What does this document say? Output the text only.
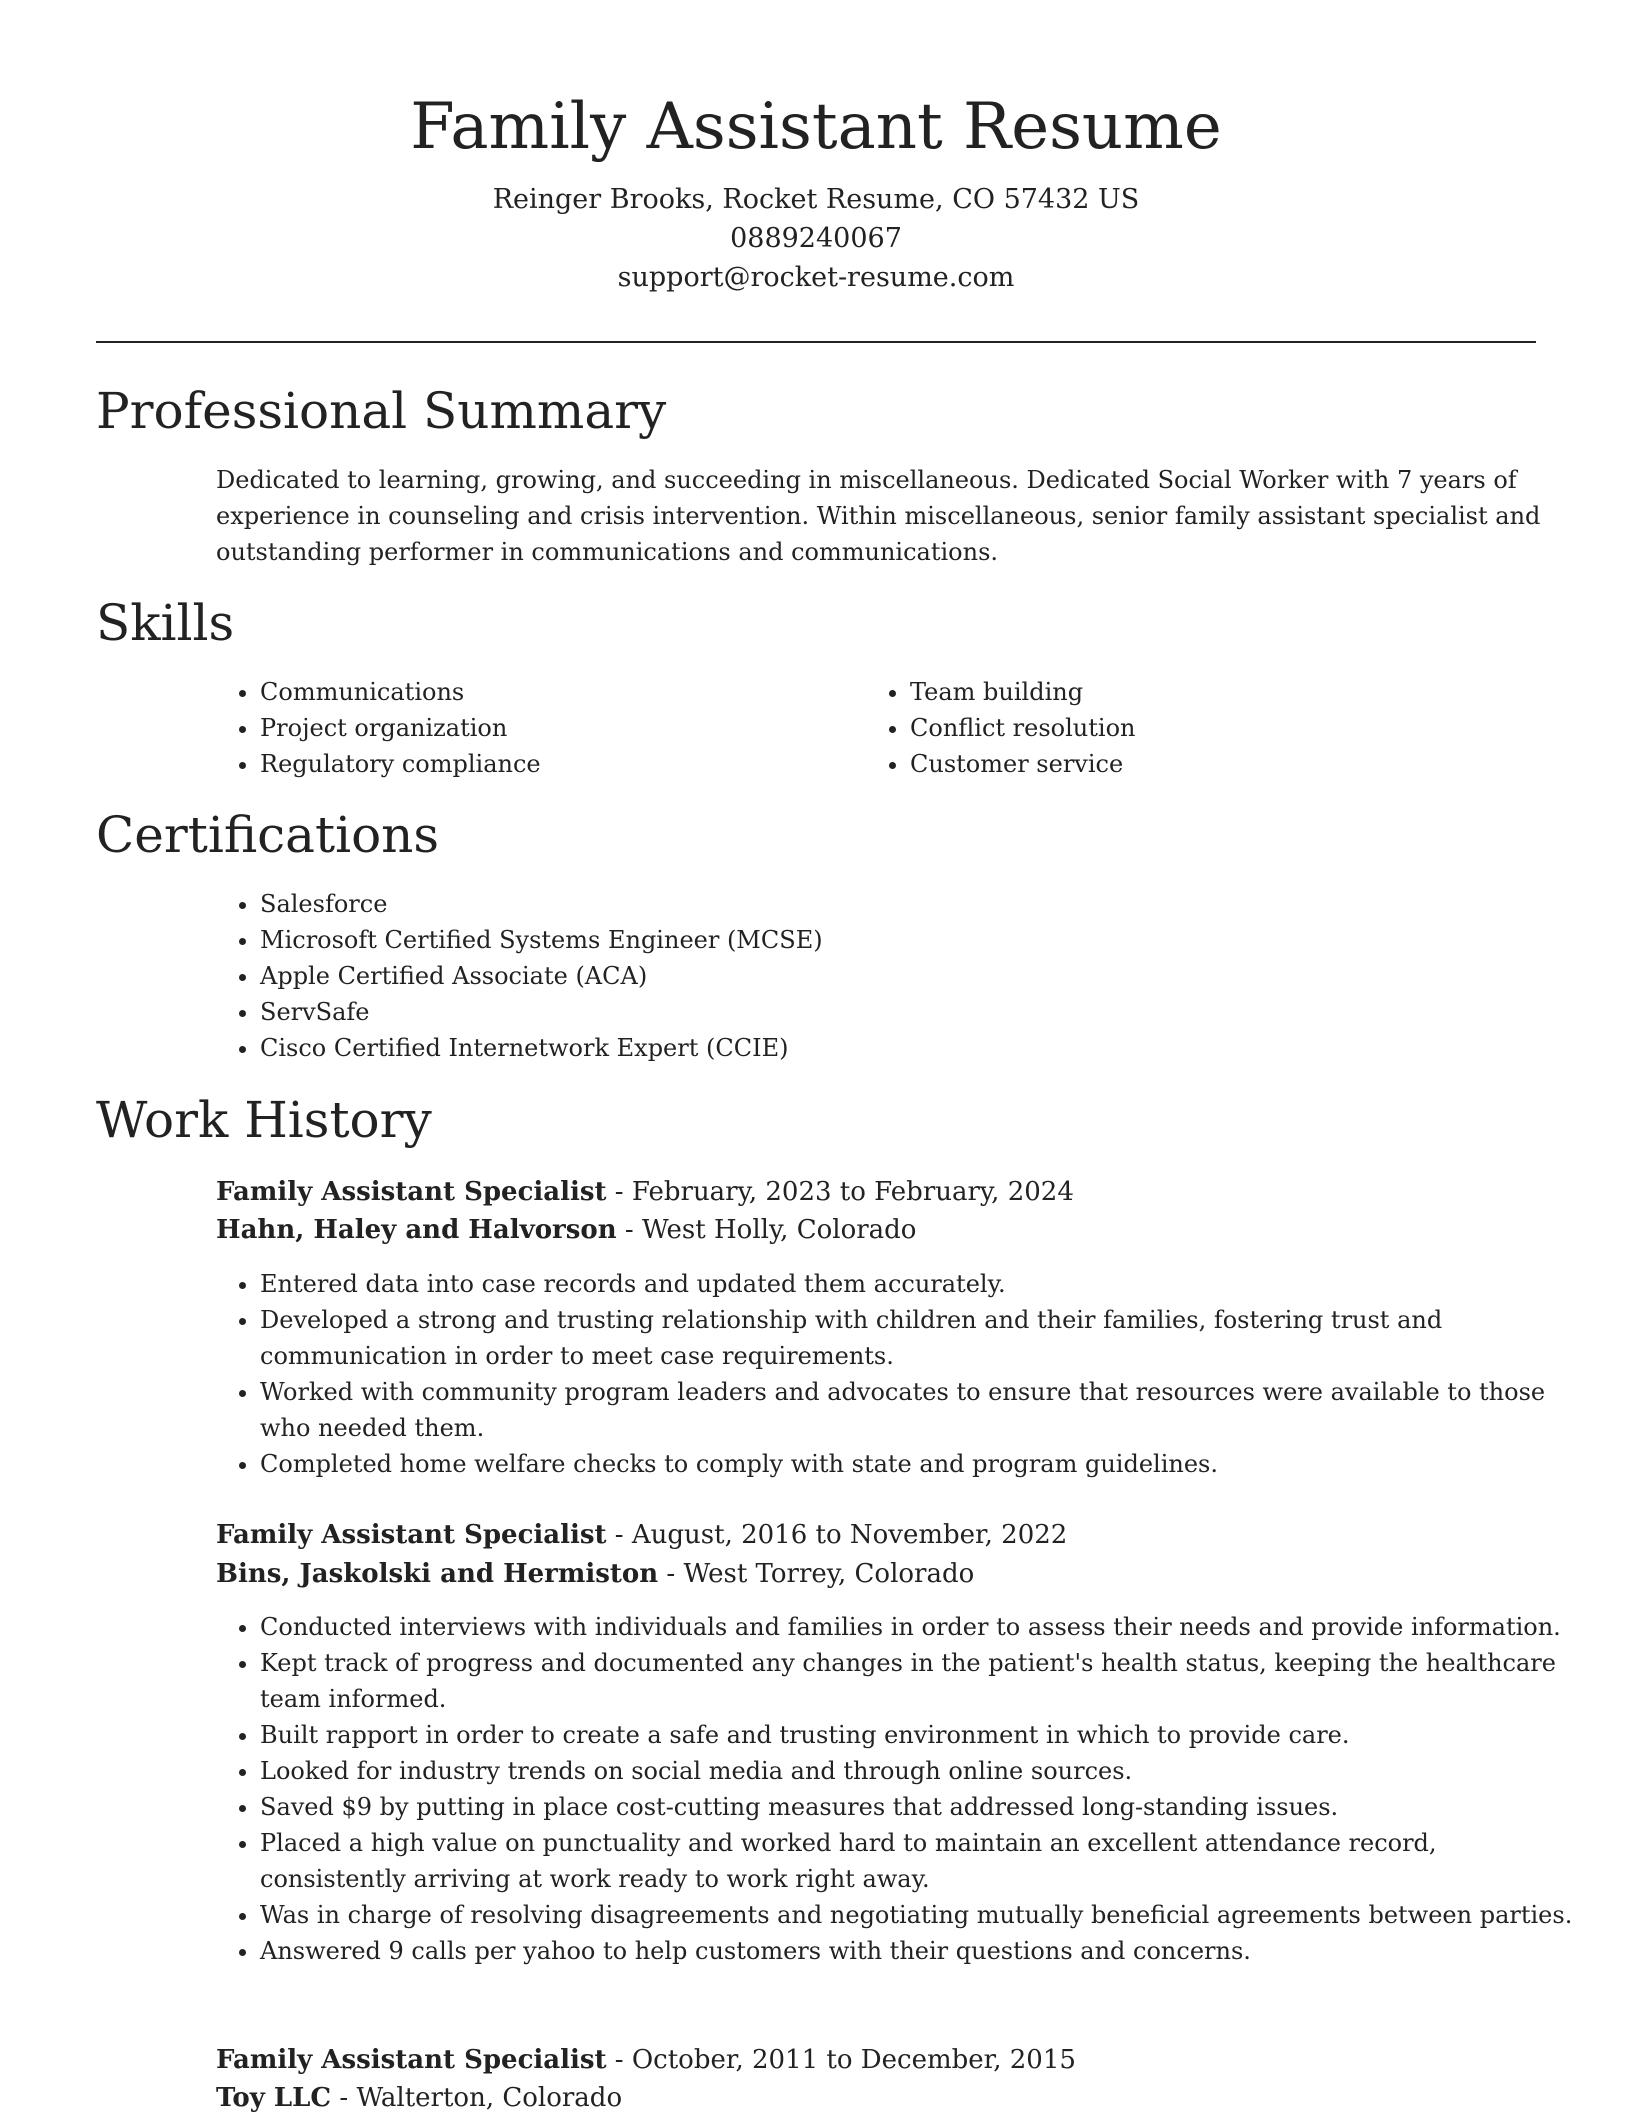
Family Assistant Resume
Reinger Brooks, Rocket Resume, CO 57432 US
0889240067
support@rocket-resume.com
Professional Summary

Dedicated to learning, growing, and succeeding in miscellaneous. Dedicated Social Worker with 7 years of experience in counseling and crisis intervention. Within miscellaneous, senior family assistant specialist and outstanding performer in communications and communications.

Skills
• Communications
• Project organization
• Regulatory compliance
• Team building
• Conflict resolution
• Customer service
Certifications
• Salesforce
• Microsoft Certified Systems Engineer (MCSE)
• Apple Certified Associate (ACA)
• ServSafe
• Cisco Certified Internetwork Expert (CCIE)
Work History
Family Assistant Specialist - February, 2023 to February, 2024
Hahn, Haley and Halvorson - West Holly, Colorado
• Entered data into case records and updated them accurately.
• Developed a strong and trusting relationship with children and their families, fostering trust and communication in order to meet case requirements.
• Worked with community program leaders and advocates to ensure that resources were available to those who needed them.
• Completed home welfare checks to comply with state and program guidelines.
Family Assistant Specialist - August, 2016 to November, 2022
Bins, Jaskolski and Hermiston - West Torrey, Colorado
• Conducted interviews with individuals and families in order to assess their needs and provide information.
• Kept track of progress and documented any changes in the patient's health status, keeping the healthcare team informed.
• Built rapport in order to create a safe and trusting environment in which to provide care.
• Looked for industry trends on social media and through online sources.
• Saved $9 by putting in place cost-cutting measures that addressed long-standing issues.
• Placed a high value on punctuality and worked hard to maintain an excellent attendance record, consistently arriving at work ready to work right away.
• Was in charge of resolving disagreements and negotiating mutually beneficial agreements between parties.
• Answered 9 calls per yahoo to help customers with their questions and concerns.
Family Assistant Specialist - October, 2011 to December, 2015
Toy LLC - Walterton, Colorado
